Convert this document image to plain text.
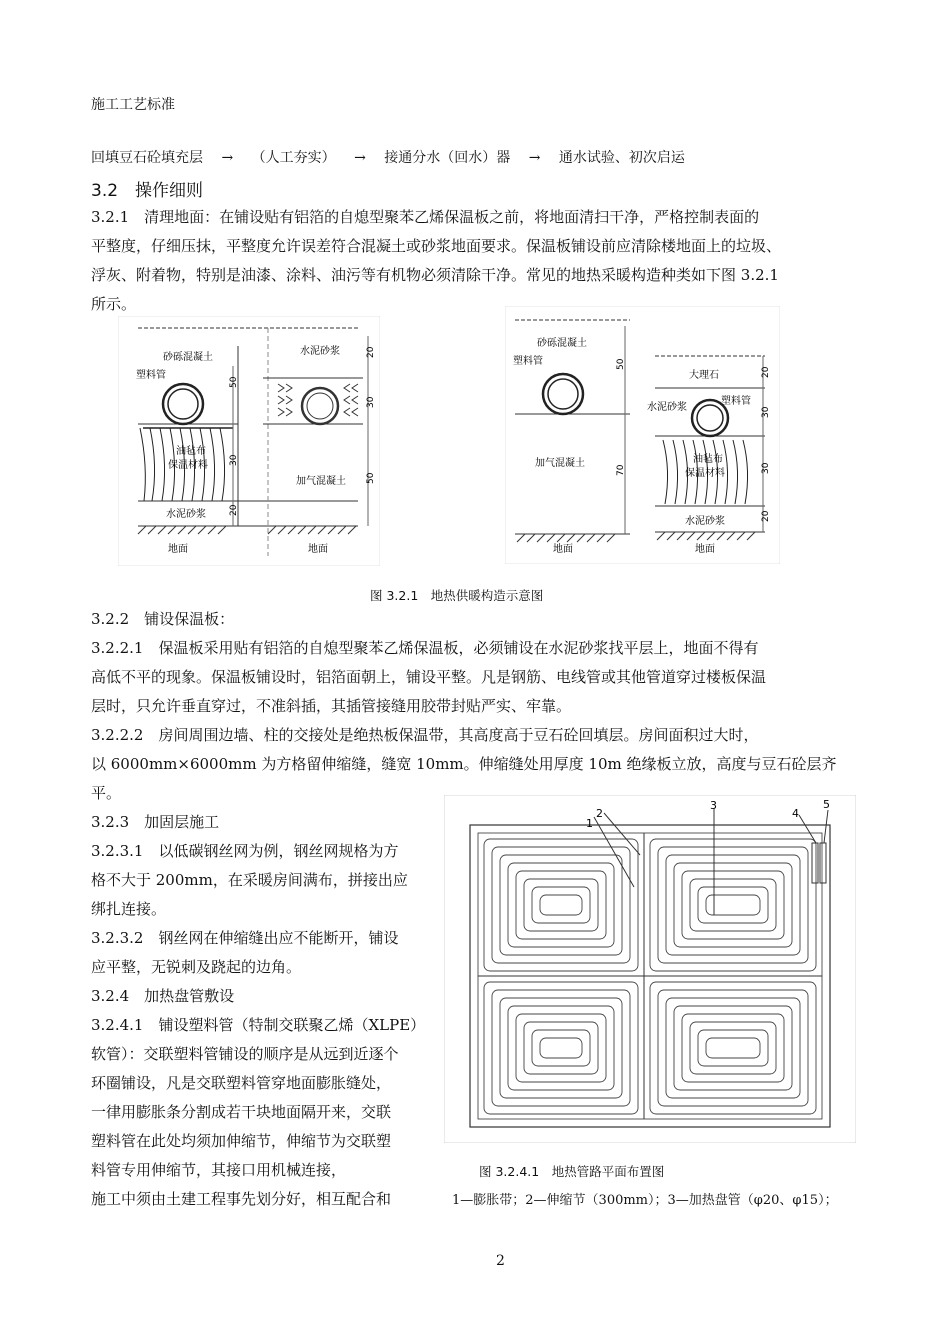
施工工艺标准
回填豆石砼填充层 → （人工夯实） → 接通分水（回水）器 → 通水试验、初次启运
3.2　操作细则
3.2.1　清理地面：在铺设贴有铝箔的自熄型聚苯乙烯保温板之前，将地面清扫干净，严格控制表面的
平整度，仔细压抹，平整度允许误差符合混凝土或砂浆地面要求。保温板铺设前应清除楼地面上的垃圾、
浮灰、附着物，特别是油漆、涂料、油污等有机物必须清除干净。常见的地热采暖构造种类如下图 3.2.1
所示。
砂砾混凝土
塑料管
油毡布
保温材料
水泥砂浆
地面
50
30
20
水泥砂浆
加气混凝土
地面
20
30
50
砂砾混凝土
塑料管
加气混凝土
地面
50
70
大理石
水泥砂浆
塑料管
油毡布
保温材料
水泥砂浆
地面
20
30
30
20
图 3.2.1　地热供暖构造示意图
3.2.2　铺设保温板：
3.2.2.1　保温板采用贴有铝箔的自熄型聚苯乙烯保温板，必须铺设在水泥砂浆找平层上，地面不得有
高低不平的现象。保温板铺设时，铝箔面朝上，铺设平整。凡是钢筋、电线管或其他管道穿过楼板保温
层时，只允许垂直穿过，不准斜插，其插管接缝用胶带封贴严实、牢靠。
3.2.2.2　房间周围边墙、柱的交接处是绝热板保温带，其高度高于豆石砼回填层。房间面积过大时，
以 6000mm×6000mm 为方格留伸缩缝，缝宽 10mm。伸缩缝处用厚度 10m 绝缘板立放，高度与豆石砼层齐
平。
3.2.3　加固层施工
3.2.3.1　以低碳钢丝网为例，钢丝网规格为方
格不大于 200mm，在采暖房间满布，拼接出应
绑扎连接。
3.2.3.2　钢丝网在伸缩缝出应不能断开，铺设
应平整，无锐刺及跷起的边角。
3.2.4　加热盘管敷设
3.2.4.1　铺设塑料管（特制交联聚乙烯（XLPE）
软管）：交联塑料管铺设的顺序是从远到近逐个
环圈铺设，凡是交联塑料管穿地面膨胀缝处，
一律用膨胀条分割成若干块地面隔开来，交联
塑料管在此处均须加伸缩节，伸缩节为交联塑
料管专用伸缩节，其接口用机械连接，
施工中须由土建工程事先划分好，相互配合和
1
2
3
4
5
图 3.2.4.1　地热管路平面布置图
1—膨胀带；2—伸缩节（300mm）；3—加热盘管（φ20、φ15）；
2
